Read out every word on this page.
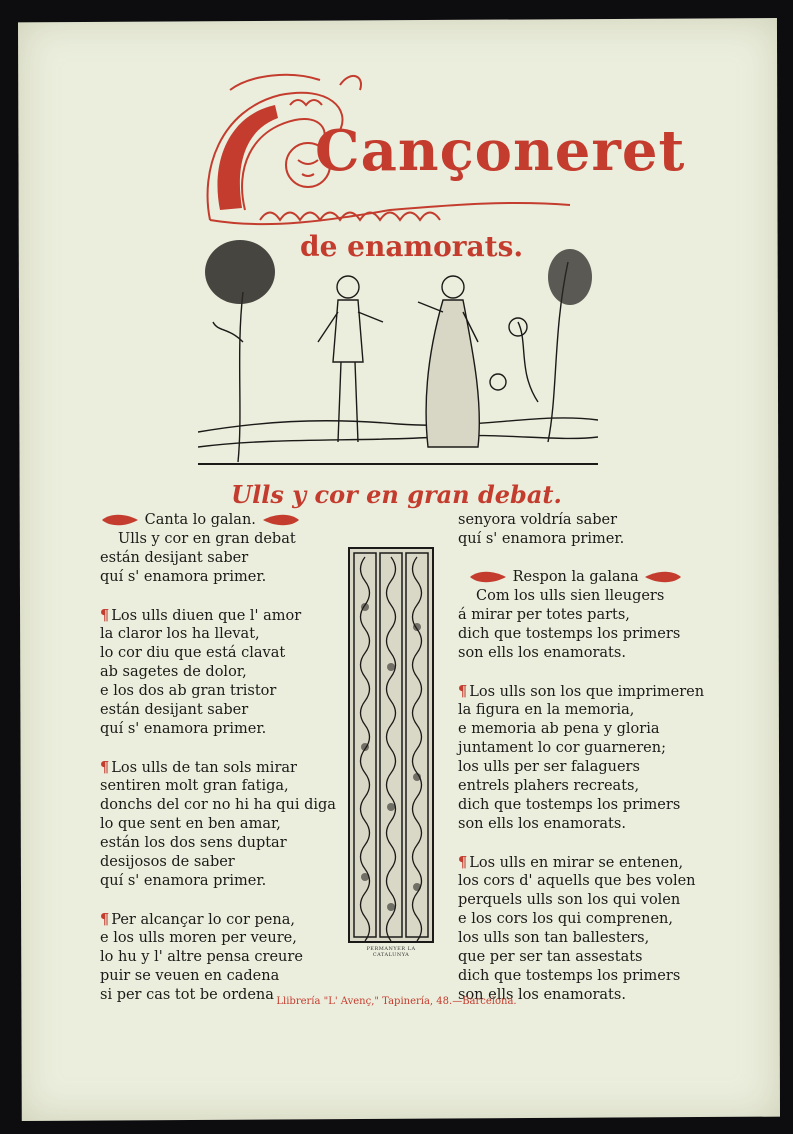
Cançoneret
de enamorats.
Ulls y cor en gran debat.
Canta lo galan.
Ulls y cor en gran debat
están desijant saber
quí s' enamora primer.
¶ Los ulls diuen que l' amor
la claror los ha llevat,
lo cor diu que está clavat
ab sagetes de dolor,
e los dos ab gran tristor
están desijant saber
quí s' enamora primer.
¶ Los ulls de tan sols mirar
sentiren molt gran fatiga,
donchs del cor no hi ha qui diga
lo que sent en ben amar,
están los dos sens duptar
desijosos de saber
quí s' enamora primer.
¶ Per alcançar lo cor pena,
e los ulls moren per veure,
lo hu y l' altre pensa creure
puir se veuen en cadena
si per cas tot be ordena
PERMANYER LA CATALUNYA
senyora voldría saber
quí s' enamora primer.
Respon la galana
Com los ulls sien lleugers
á mirar per totes parts,
dich que tostemps los primers
son ells los enamorats.
¶ Los ulls son los que imprimeren
la figura en la memoria,
e memoria ab pena y gloria
juntament lo cor guarneren;
los ulls per ser falaguers
entrels plahers recreats,
dich que tostemps los primers
son ells los enamorats.
¶ Los ulls en mirar se entenen,
los cors d' aquells que bes volen
perquels ulls son los qui volen
e los cors los qui comprenen,
los ulls son tan ballesters,
que per ser tan assestats
dich que tostemps los primers
son ells los enamorats.
Llibrería "L' Avenç," Tapinería, 48.—Barcelona.
